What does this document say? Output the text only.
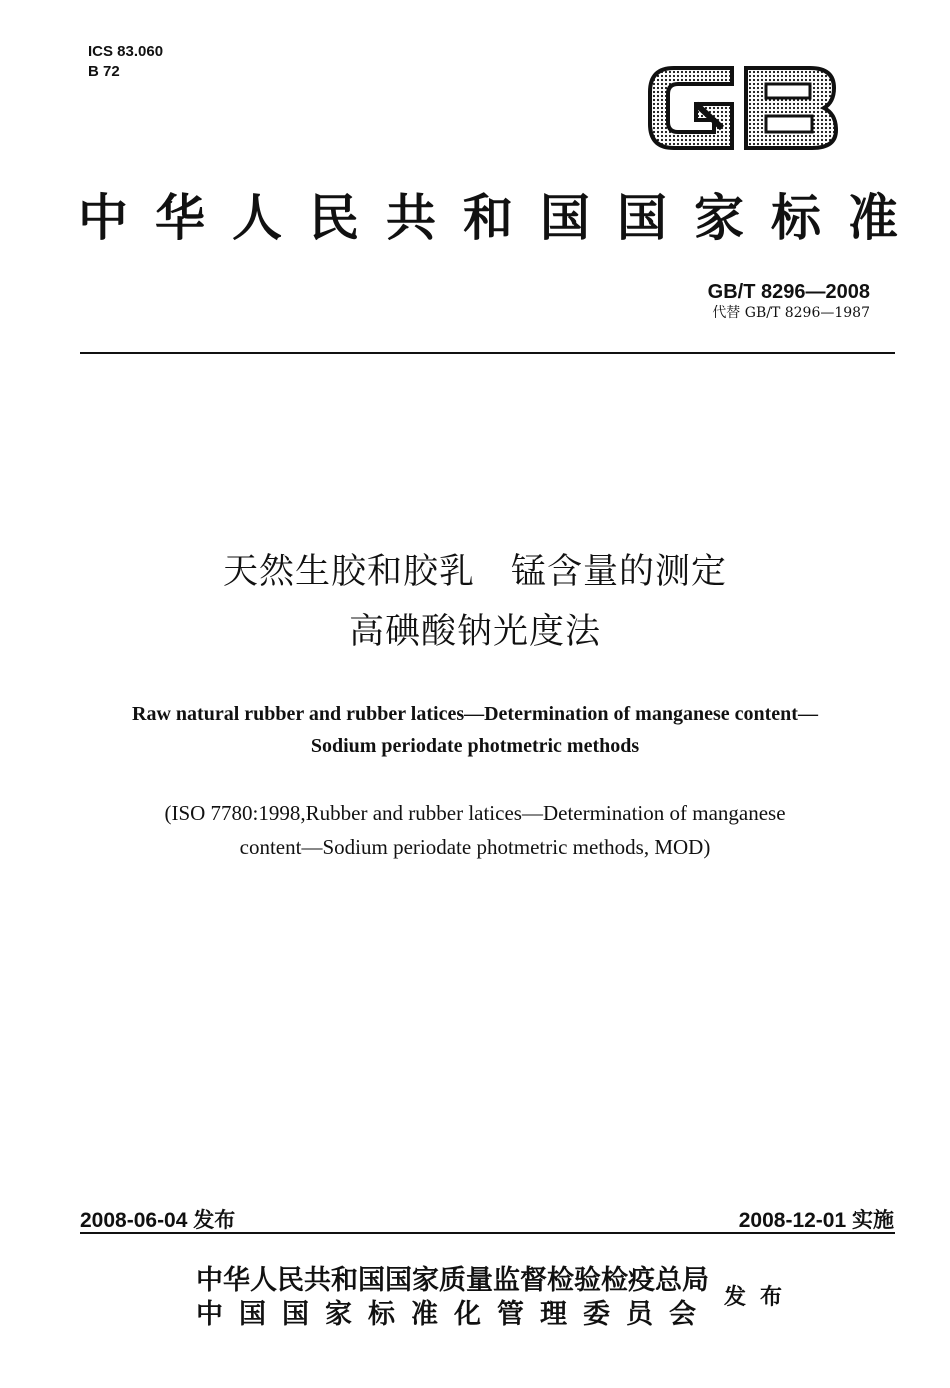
ICS 83.060
B 72
中 华 人 民 共 和 国 国 家 标 准
GB/T 8296—2008
代替 GB/T 8296—1987
天然生胶和胶乳　锰含量的测定
高碘酸钠光度法
Raw natural rubber and rubber latices—Determination of manganese content—
Sodium periodate photmetric methods
(ISO 7780:1998,Rubber and rubber latices—Determination of manganese
content—Sodium periodate photmetric methods, MOD)
2008-06-04 发布	2008-12-01 实施
中华人民共和国国家质量监督检验检疫总局
中国国家标准化管理委员会
发布
